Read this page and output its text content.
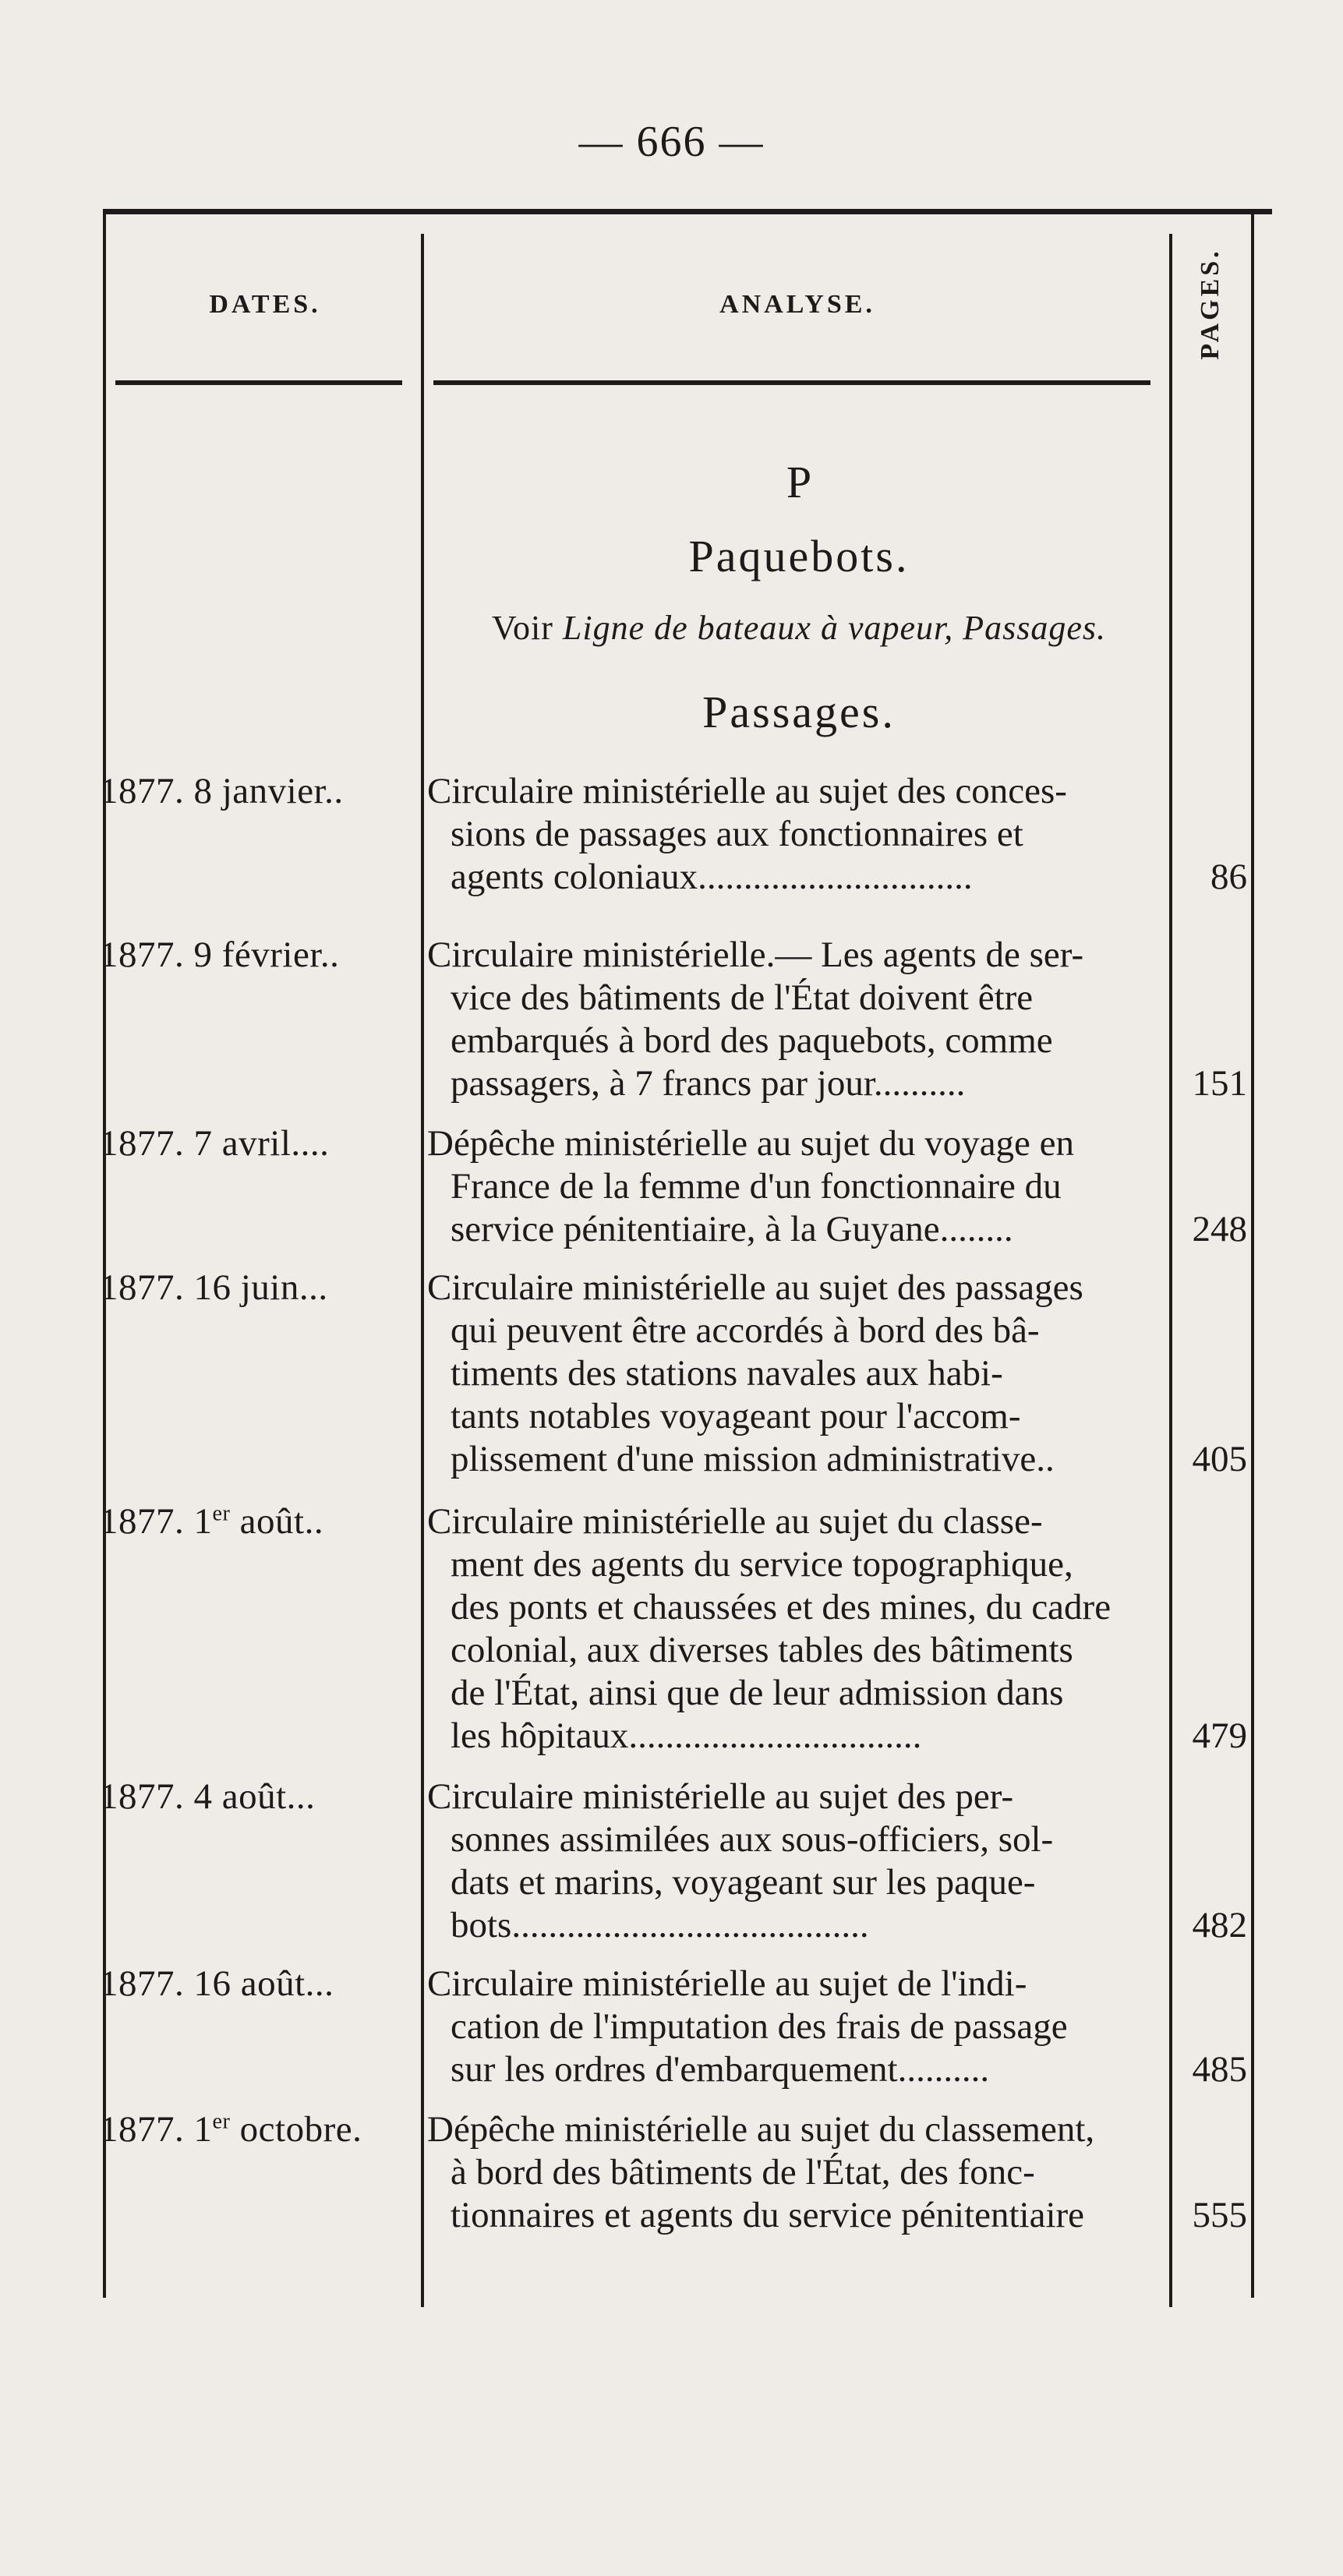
— 666 —
DATES.	ANALYSE.	PAGES.
P
Paquebots.
Voir Ligne de bateaux à vapeur, Passages.
Passages.
1877. 8 janvier..	Circulaire ministérielle au sujet des conces-
sions de passages aux fonctionnaires et
agents coloniaux..............................	86
1877. 9 février..	Circulaire ministérielle.— Les agents de ser-
vice des bâtiments de l'État doivent être
embarqués à bord des paquebots, comme
passagers, à 7 francs par jour..........	151
1877. 7 avril....	Dépêche ministérielle au sujet du voyage en
France de la femme d'un fonctionnaire du
service pénitentiaire, à la Guyane........	248
1877. 16 juin...	Circulaire ministérielle au sujet des passages
qui peuvent être accordés à bord des bâ-
timents des stations navales aux habi-
tants notables voyageant pour l'accom-
plissement d'une mission administrative..	405
1877. 1er août..	Circulaire ministérielle au sujet du classe-
ment des agents du service topographique,
des ponts et chaussées et des mines, du cadre
colonial, aux diverses tables des bâtiments
de l'État, ainsi que de leur admission dans
les hôpitaux................................	479
1877. 4 août...	Circulaire ministérielle au sujet des per-
sonnes assimilées aux sous-officiers, sol-
dats et marins, voyageant sur les paque-
bots.......................................	482
1877. 16 août...	Circulaire ministérielle au sujet de l'indi-
cation de l'imputation des frais de passage
sur les ordres d'embarquement..........	485
1877. 1er octobre.	Dépêche ministérielle au sujet du classement,
à bord des bâtiments de l'État, des fonc-
tionnaires et agents du service pénitentiaire	555
